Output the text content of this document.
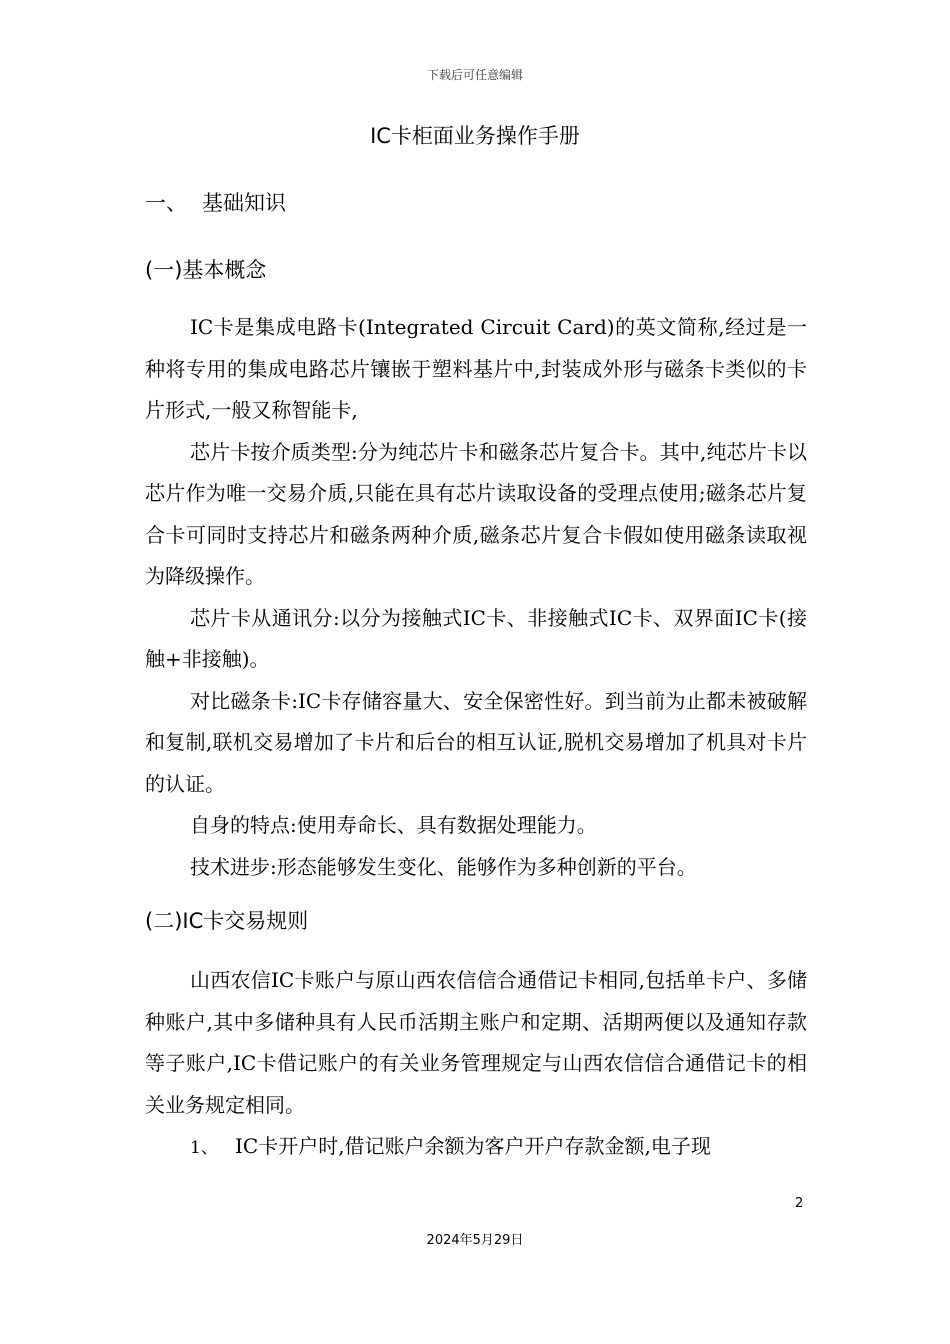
下载后可任意编辑
IC卡柜面业务操作手册
一、 基础知识
(一)基本概念

IC卡是集成电路卡(Integrated Circuit Card)的英文简称,经过是一种将专用的集成电路芯片镶嵌于塑料基片中,封装成外形与磁条卡类似的卡片形式,一般又称智能卡,

芯片卡按介质类型:分为纯芯片卡和磁条芯片复合卡。其中,纯芯片卡以芯片作为唯一交易介质,只能在具有芯片读取设备的受理点使用;磁条芯片复合卡可同时支持芯片和磁条两种介质,磁条芯片复合卡假如使用磁条读取视为降级操作。

芯片卡从通讯分:以分为接触式IC卡、非接触式IC卡、双界面IC卡(接触+非接触)。

对比磁条卡:IC卡存储容量大、安全保密性好。到当前为止都未被破解和复制,联机交易增加了卡片和后台的相互认证,脱机交易增加了机具对卡片的认证。

自身的特点:使用寿命长、具有数据处理能力。

技术进步:形态能够发生变化、能够作为多种创新的平台。

(二)IC卡交易规则

山西农信IC卡账户与原山西农信信合通借记卡相同,包括单卡户、多储种账户,其中多储种具有人民币活期主账户和定期、活期两便以及通知存款等子账户,IC卡借记账户的有关业务管理规定与山西农信信合通借记卡的相关业务规定相同。

1、 IC卡开户时,借记账户余额为客户开户存款金额,电子现
2
2024年5月29日
